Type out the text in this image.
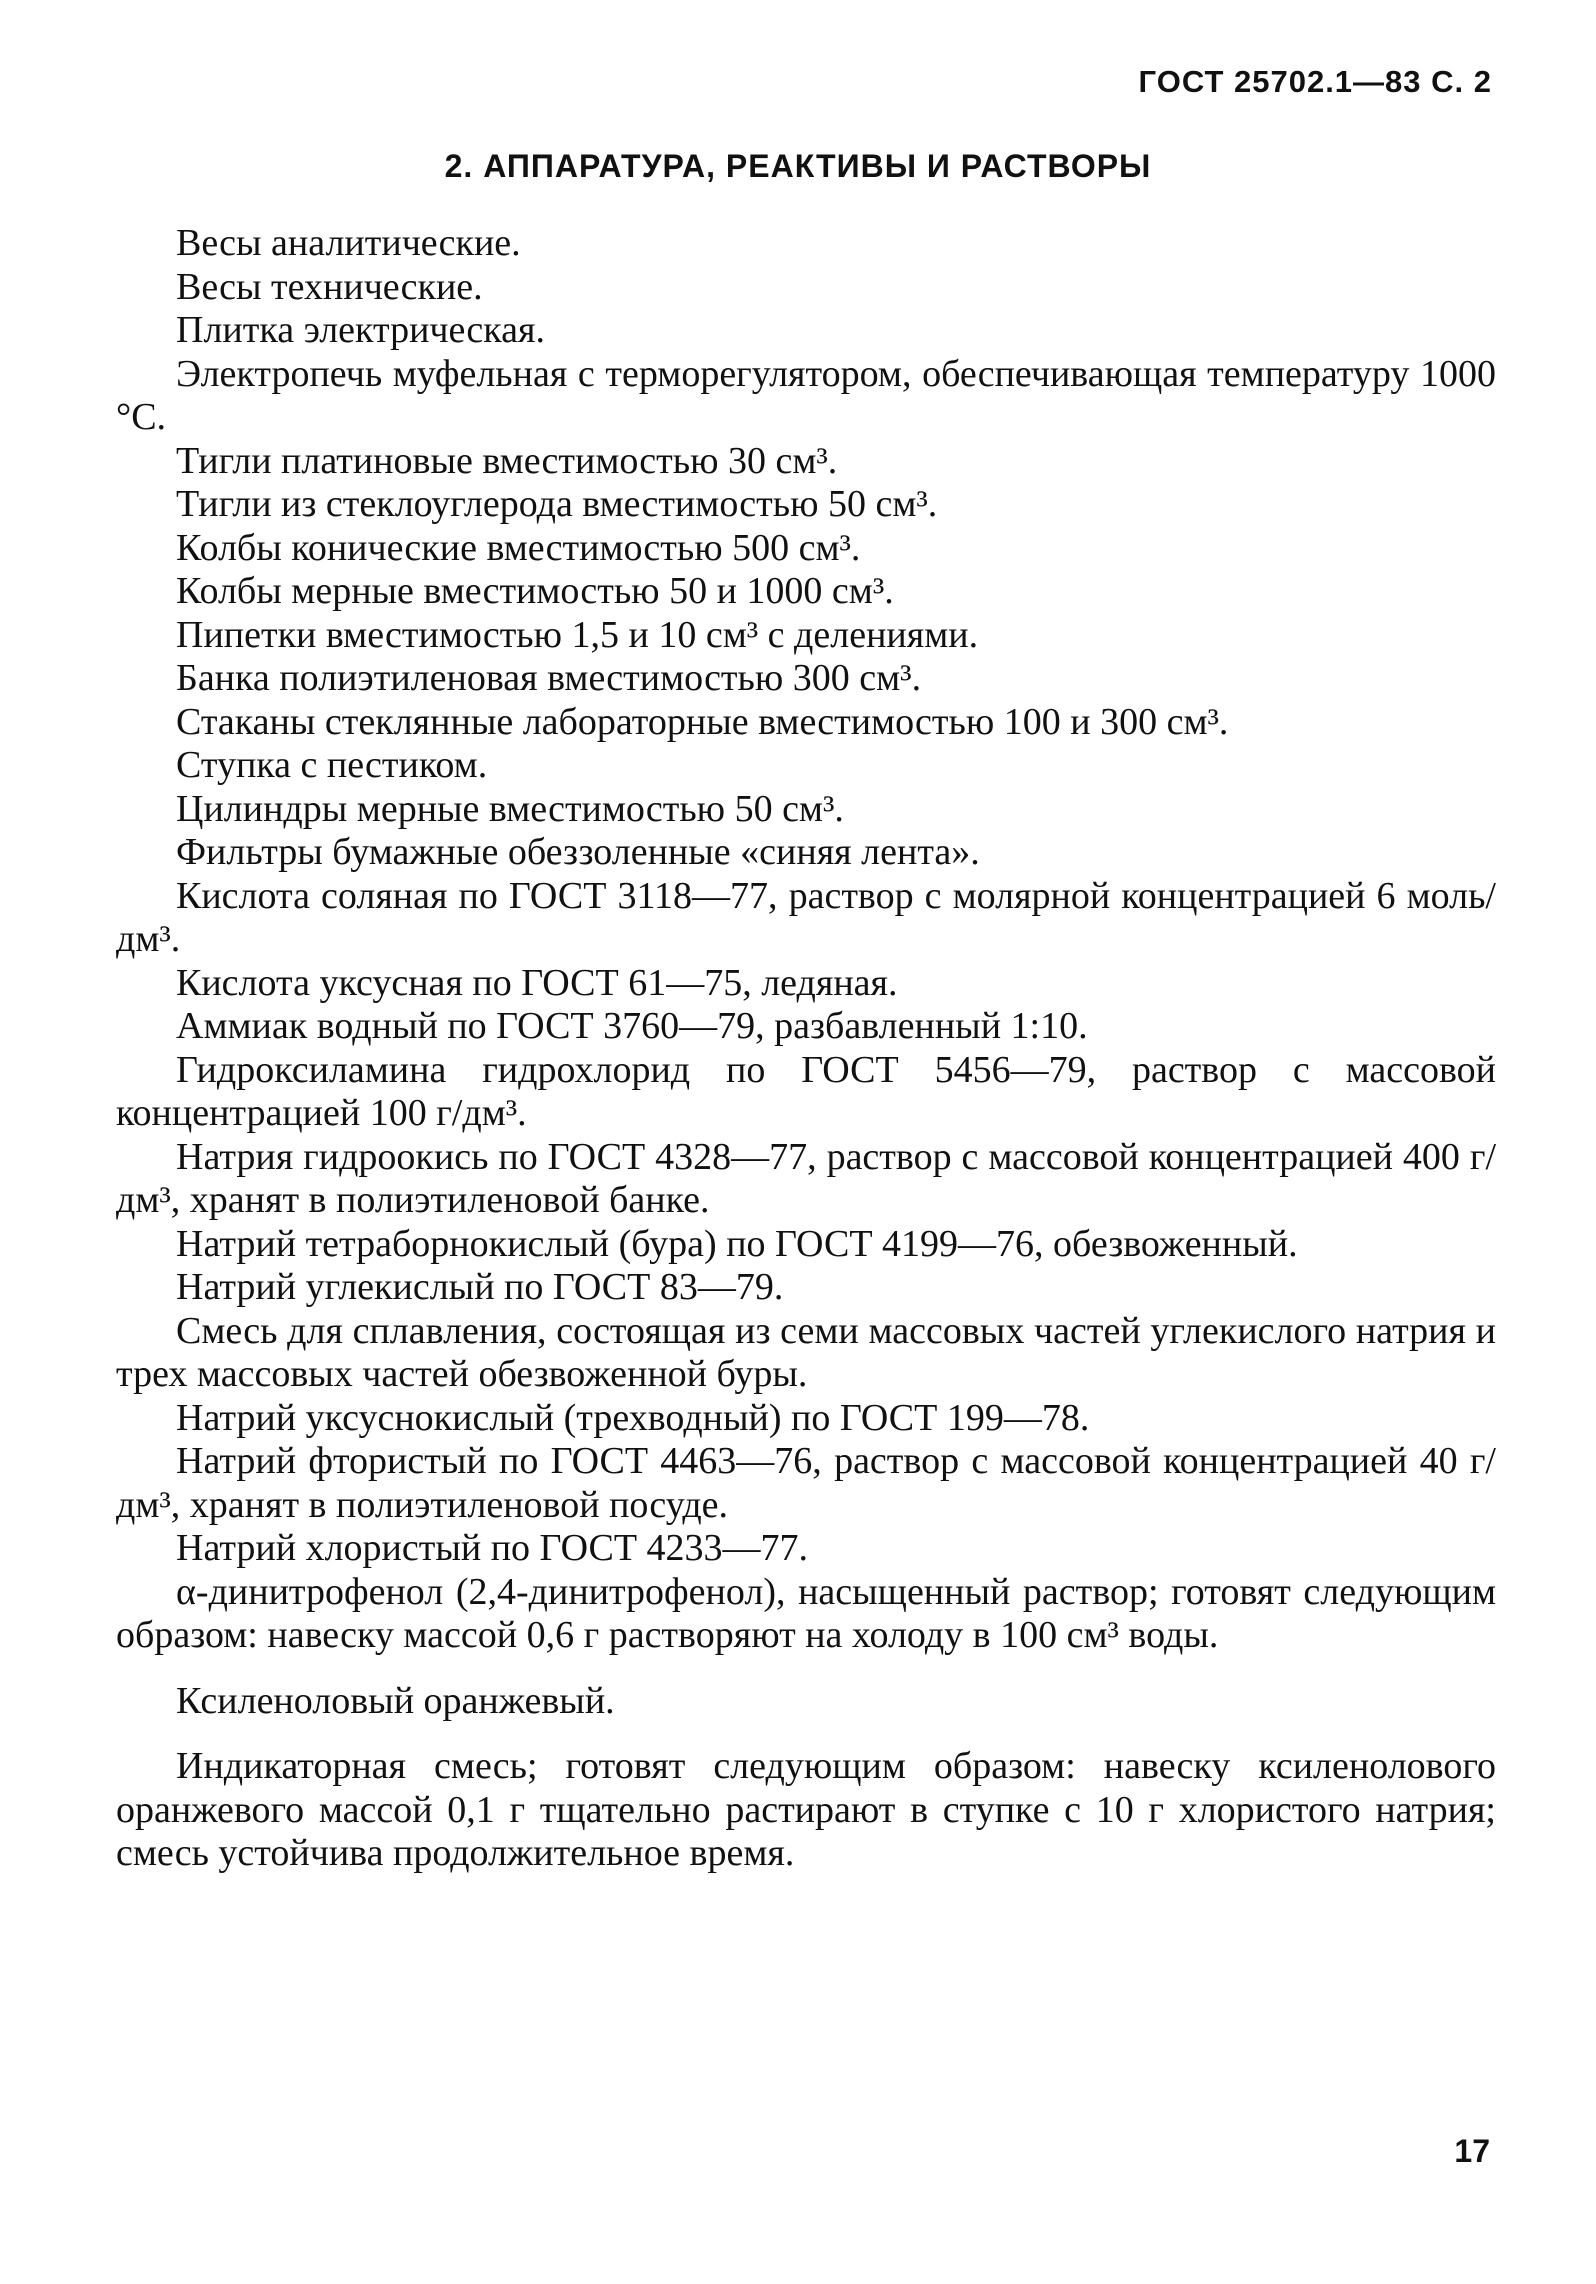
ГОСТ 25702.1—83 С. 2
2. АППАРАТУРА, РЕАКТИВЫ И РАСТВОРЫ

Весы аналитические.

Весы технические.

Плитка электрическая.

Электропечь муфельная с терморегулятором, обеспечивающая температуру 1000 °С.

Тигли платиновые вместимостью 30 см³.

Тигли из стеклоуглерода вместимостью 50 см³.

Колбы конические вместимостью 500 см³.

Колбы мерные вместимостью 50 и 1000 см³.

Пипетки вместимостью 1,5 и 10 см³ с делениями.

Банка полиэтиленовая вместимостью 300 см³.

Стаканы стеклянные лабораторные вместимостью 100 и 300 см³.

Ступка с пестиком.

Цилиндры мерные вместимостью 50 см³.

Фильтры бумажные обеззоленные «синяя лента».

Кислота соляная по ГОСТ 3118—77, раствор с молярной концентрацией 6 моль/дм³.

Кислота уксусная по ГОСТ 61—75, ледяная.

Аммиак водный по ГОСТ 3760—79, разбавленный 1:10.

Гидроксиламина гидрохлорид по ГОСТ 5456—79, раствор с массовой концентрацией 100 г/дм³.

Натрия гидроокись по ГОСТ 4328—77, раствор с массовой концентрацией 400 г/дм³, хранят в полиэтиленовой банке.

Натрий тетраборнокислый (бура) по ГОСТ 4199—76, обезвоженный.

Натрий углекислый по ГОСТ 83—79.

Смесь для сплавления, состоящая из семи массовых частей углекислого натрия и трех массовых частей обезвоженной буры.

Натрий уксуснокислый (трехводный) по ГОСТ 199—78.

Натрий фтористый по ГОСТ 4463—76, раствор с массовой концентрацией 40 г/дм³, хранят в полиэтиленовой посуде.

Натрий хлористый по ГОСТ 4233—77.

α-динитрофенол (2,4-динитрофенол), насыщенный раствор; готовят следующим образом: навеску массой 0,6 г растворяют на холоду в 100 см³ воды.

Ксиленоловый оранжевый.

Индикаторная смесь; готовят следующим образом: навеску ксиленолового оранжевого массой 0,1 г тщательно растирают в ступке с 10 г хлористого натрия; смесь устойчива продолжительное время.

17
